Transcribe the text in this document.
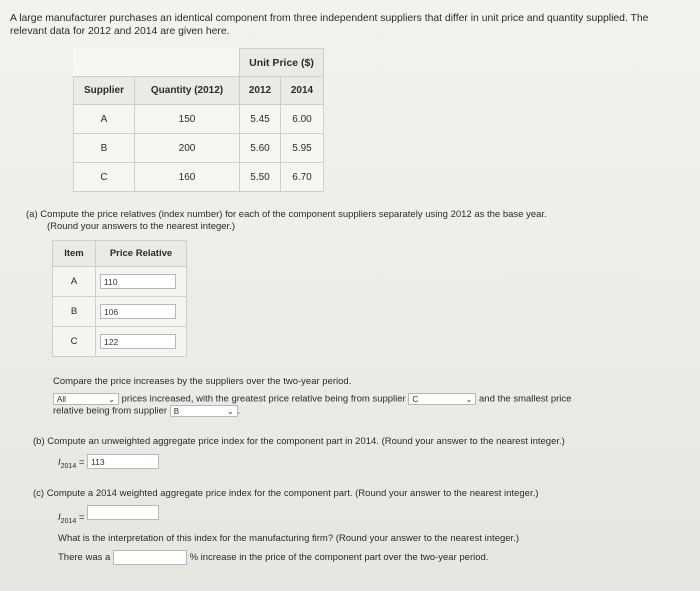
A large manufacturer purchases an identical component from three independent suppliers that differ in unit price and quantity supplied. The relevant data for 2012 and 2014 are given here.
		Unit Price ($)	
Supplier	Quantity (2012)	2012	2014
A	150	5.45	6.00
B	200	5.60	5.95
C	160	5.50	6.70
(a) Compute the price relatives (index number) for each of the component suppliers separately using 2012 as the base year.
(Round your answers to the nearest integer.)
Item	Price Relative
A	110
B	106
C	122
Compare the price increases by the suppliers over the two-year period.
All	⌄ prices increased, with the greatest price relative being from supplier C	⌄ and the smallest price
relative being from supplier B	⌄ .
(b) Compute an unweighted aggregate price index for the component part in 2014. (Round your answer to the nearest integer.)
$I_{2014} = 113$
(c) Compute a 2014 weighted aggregate price index for the component part. (Round your answer to the nearest integer.)
$I_{2014}$ =
What is the interpretation of this index for the manufacturing firm? (Round your answer to the nearest integer.)
There was a	% increase in the price of the component part over the two-year period.
